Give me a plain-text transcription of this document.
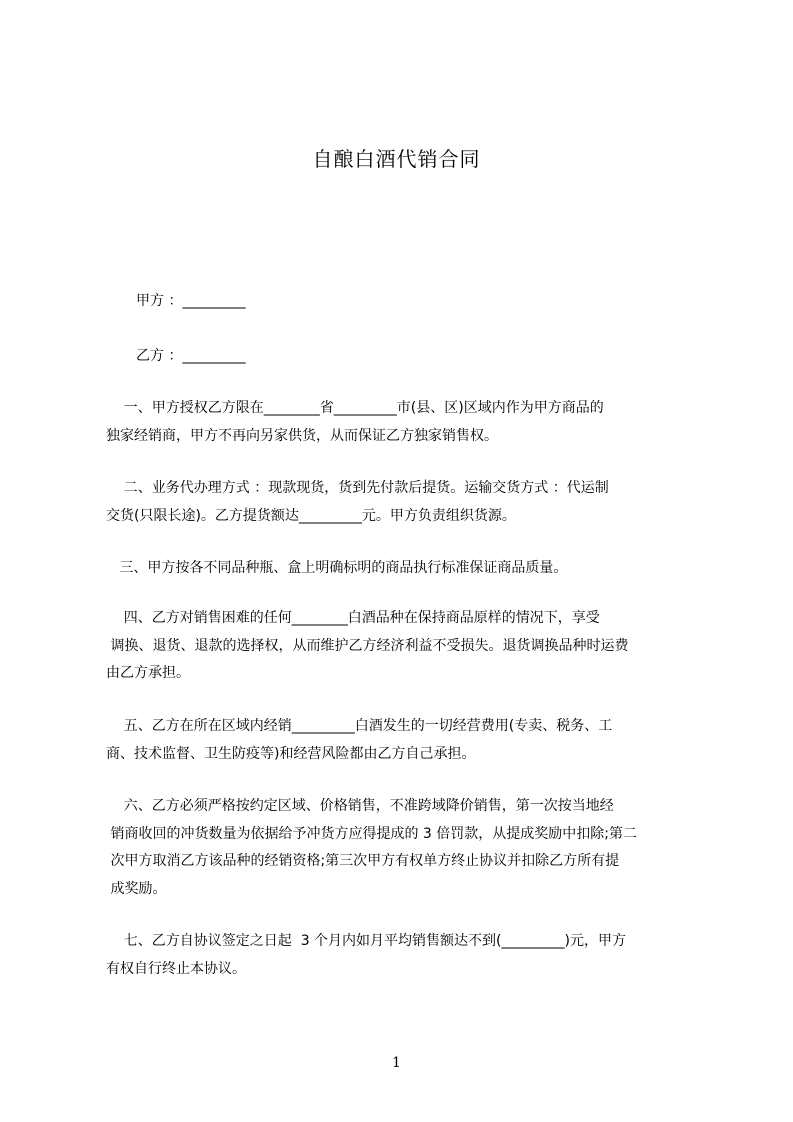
自酿白酒代销合同
甲方 ：_________
乙方 ：_________
一、甲方授权乙方限在________省_________市(县、区)区域内作为甲方商品的
独家经销商，甲方不再向另家供货，从而保证乙方独家销售权。
二、业务代办理方式 ：现款现货，货到先付款后提货。运输交货方式 ：代运制
交货(只限长途)。乙方提货额达_________元。甲方负责组织货源。
三、甲方按各不同品种瓶、盒上明确标明的商品执行标准保证商品质量。
四、乙方对销售困难的任何________白酒品种在保持商品原样的情况下，享受
调换、退货、退款的选择权，从而维护乙方经济利益不受损失。退货调换品种时运费
由乙方承担。
五、乙方在所在区域内经销_________白酒发生的一切经营费用(专卖、税务、工
商、技术监督、卫生防疫等)和经营风险都由乙方自己承担。
六、乙方必须严格按约定区域、价格销售，不准跨域降价销售，第一次按当地经
销商收回的冲货数量为依据给予冲货方应得提成的 3 倍罚款，从提成奖励中扣除;第二
次甲方取消乙方该品种的经销资格;第三次甲方有权单方终止协议并扣除乙方所有提
成奖励。
七、乙方自协议签定之日起  3 个月内如月平均销售额达不到(_________)元，甲方
有权自行终止本协议。
1
